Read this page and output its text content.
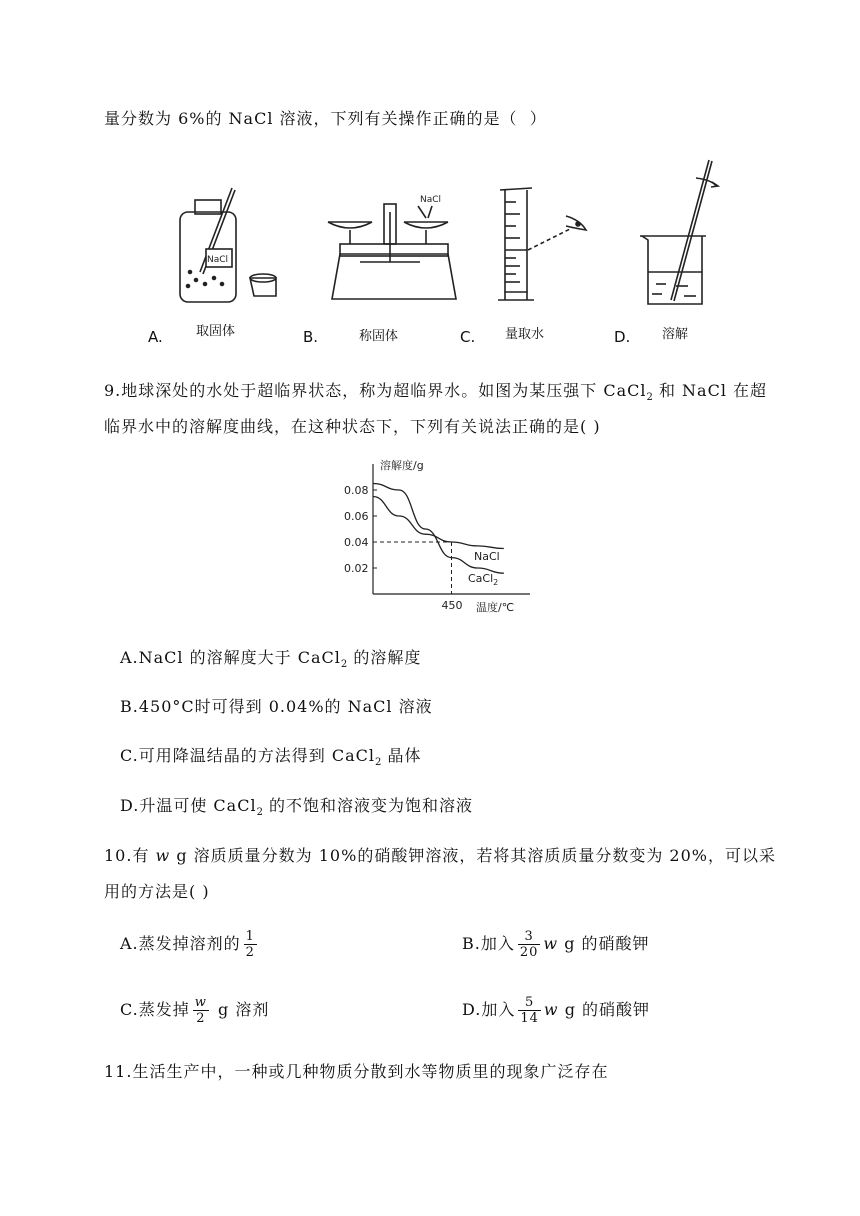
量分数为 6%的 NaCl 溶液，下列有关操作正确的是（ ）
NaCl
NaCl
A.	取固体	B.	称固体	C. 量取水	D. 溶解
9.地球深处的水处于超临界状态，称为超临界水。如图为某压强下 CaCl$_2$ 和 NaCl 在超
临界水中的溶解度曲线，在这种状态下，下列有关说法正确的是( )
溶解度/g
温度/℃
0.02
0.04
0.06
0.08
450
NaCl
CaCl$_2$
A.NaCl 的溶解度大于 CaCl$_2$ 的溶解度
B.450°C时可得到 0.04%的 NaCl 溶液
C.可用降温结晶的方法得到 CaCl$_2$ 晶体
D.升温可使 CaCl$_2$ 的不饱和溶液变为饱和溶液
10.有 w g 溶质质量分数为 10%的硝酸钾溶液，若将其溶质质量分数变为 20%，可以采
用的方法是( )
A.蒸发掉溶剂的 $\frac{1}{2}$	B.加入 $\frac{3}{20}$ w g 的硝酸钾
C.蒸发掉 $\frac{w}{2}$ g 溶剂	D.加入 $\frac{5}{14}$ w g 的硝酸钾
11.生活生产中，一种或几种物质分散到水等物质里的现象广泛存在
